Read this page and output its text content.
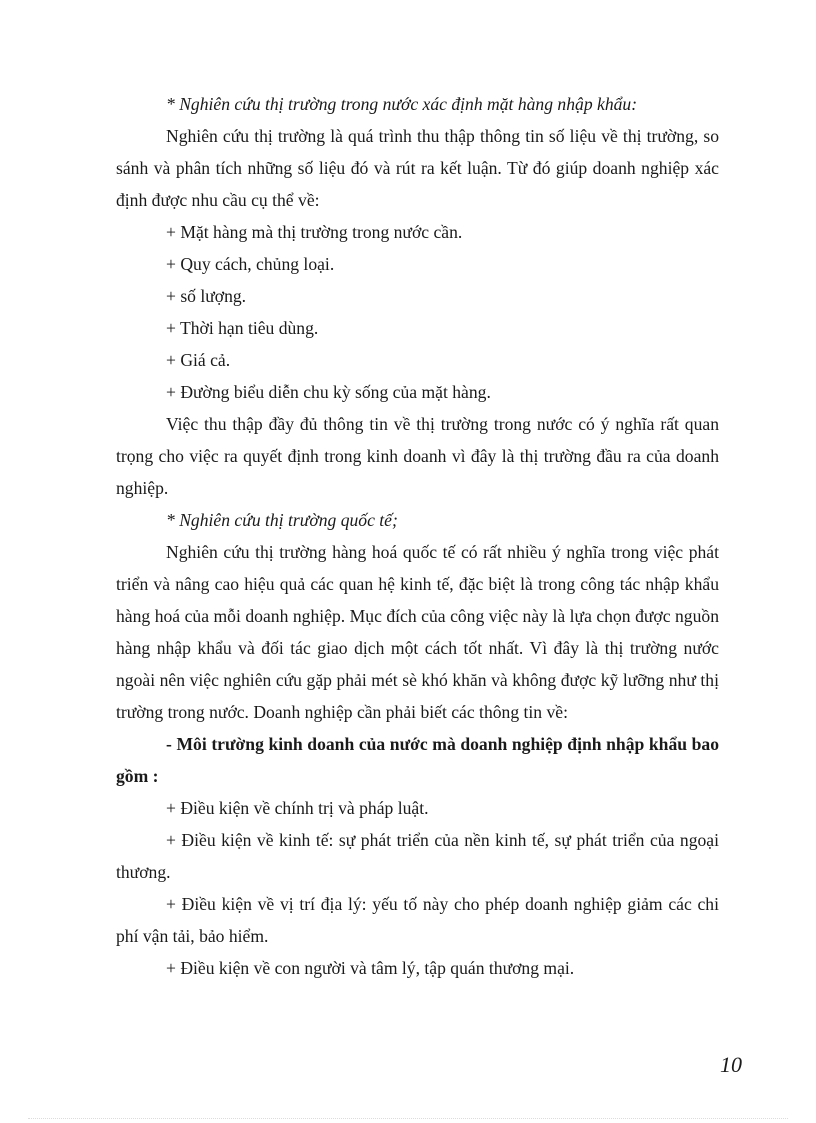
* Nghiên cứu thị trường trong nước xác định mặt hàng nhập khẩu:

Nghiên cứu thị trường là quá trình thu thập thông tin số liệu về thị trường, so sánh và phân tích những số liệu đó và rút ra kết luận. Từ đó giúp doanh nghiệp xác định được nhu cầu cụ thể về:

+ Mặt hàng mà thị trường trong nước cần.

+ Quy cách, chủng loại.

+ số lượng.

+ Thời hạn tiêu dùng.

+ Giá cả.

+ Đường biểu diễn chu kỳ sống của mặt hàng.

Việc thu thập đầy đủ thông tin về thị trường trong nước có ý nghĩa rất quan trọng cho việc ra quyết định trong kinh doanh vì đây là thị trường đầu ra của doanh nghiệp.

* Nghiên cứu thị trường quốc tế;

Nghiên cứu thị trường hàng hoá quốc tế có rất nhiều ý nghĩa trong việc phát triển và nâng cao hiệu quả các quan hệ kinh tế, đặc biệt là trong công tác nhập khẩu hàng hoá của mỗi doanh nghiệp. Mục đích của công việc này là lựa chọn được nguồn hàng nhập khẩu và đối tác giao dịch một cách tốt nhất. Vì đây là thị trường nước ngoài nên việc nghiên cứu gặp phải mét sè khó khăn và không được kỹ lưỡng như thị trường trong nước. Doanh nghiệp cần phải biết các thông tin về:

- Môi trường kinh doanh của nước mà doanh nghiệp định nhập khẩu bao gồm :

+ Điều kiện về chính trị và pháp luật.

+ Điều kiện về kinh tế: sự phát triển của nền kinh tế, sự phát triển của ngoại thương.

+ Điều kiện về vị trí địa lý: yếu tố này cho phép doanh nghiệp giảm các chi phí vận tải, bảo hiểm.

+ Điều kiện về con người và tâm lý, tập quán thương mại.

10
